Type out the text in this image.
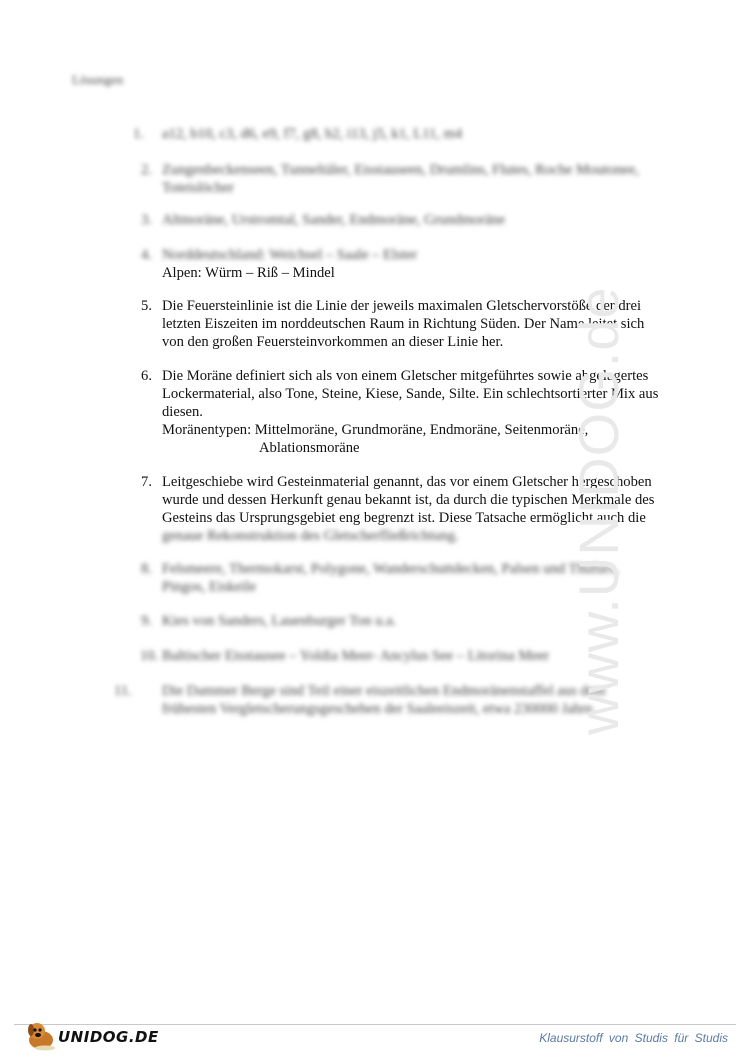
Lösungen
1. a12, b10, c3, d6, e9, f7, g8, h2, i13, j5, k1, L11, m4
2. Zungenbeckenseen, Tunneltäler, Eisstauseen, Drumlins, Flutes, Roche Moutonee,
Toteislöcher
3. Altmoräne, Urstromtal, Sander, Endmoräne, Grundmoräne
4. Norddeutschland: Weichsel – Saale – Elster
Alpen: Würm – Riß – Mindel
5. Die Feuersteinlinie ist die Linie der jeweils maximalen Gletschervorstöße der drei
letzten Eiszeiten im norddeutschen Raum in Richtung Süden. Der Name leitet sich
von den großen Feuersteinvorkommen an dieser Linie her.
6. Die Moräne definiert sich als von einem Gletscher mitgeführtes sowie abgelagertes
Lockermaterial, also Tone, Steine, Kiese, Sande, Silte. Ein schlechtsortierter Mix aus
diesen.
Moränentypen: Mittelmoräne, Grundmoräne, Endmoräne, Seitenmoräne,
Ablationsmoräne
7. Leitgeschiebe wird Gesteinmaterial genannt, das vor einem Gletscher hergeschoben
wurde und dessen Herkunft genau bekannt ist, da durch die typischen Merkmale des
Gesteins das Ursprungsgebiet eng begrenzt ist. Diese Tatsache ermöglicht auch die
genaue Rekonstruktion des Gletscherfließrichtung.
8. Felsmeere, Thermokarst, Polygone, Wanderschuttdecken, Palsen und Thufurs,
Pingos, Eiskeile
9. Kies von Sanders, Lauenburger Ton u.a.
10. Baltischer Eisstausee – Yoldia Meer- Ancylus See – Litorina Meer
11. Die Dammer Berge sind Teil einer eiszeitlichen Endmoränenstaffel aus dem
frühesten Vergletscherungsgeschehen der Saaleeiszeit, etwa 230000 Jahre.
www.UNIDOG.de
UNIDOG.DE	Klausurstoff von Studis für Studis
